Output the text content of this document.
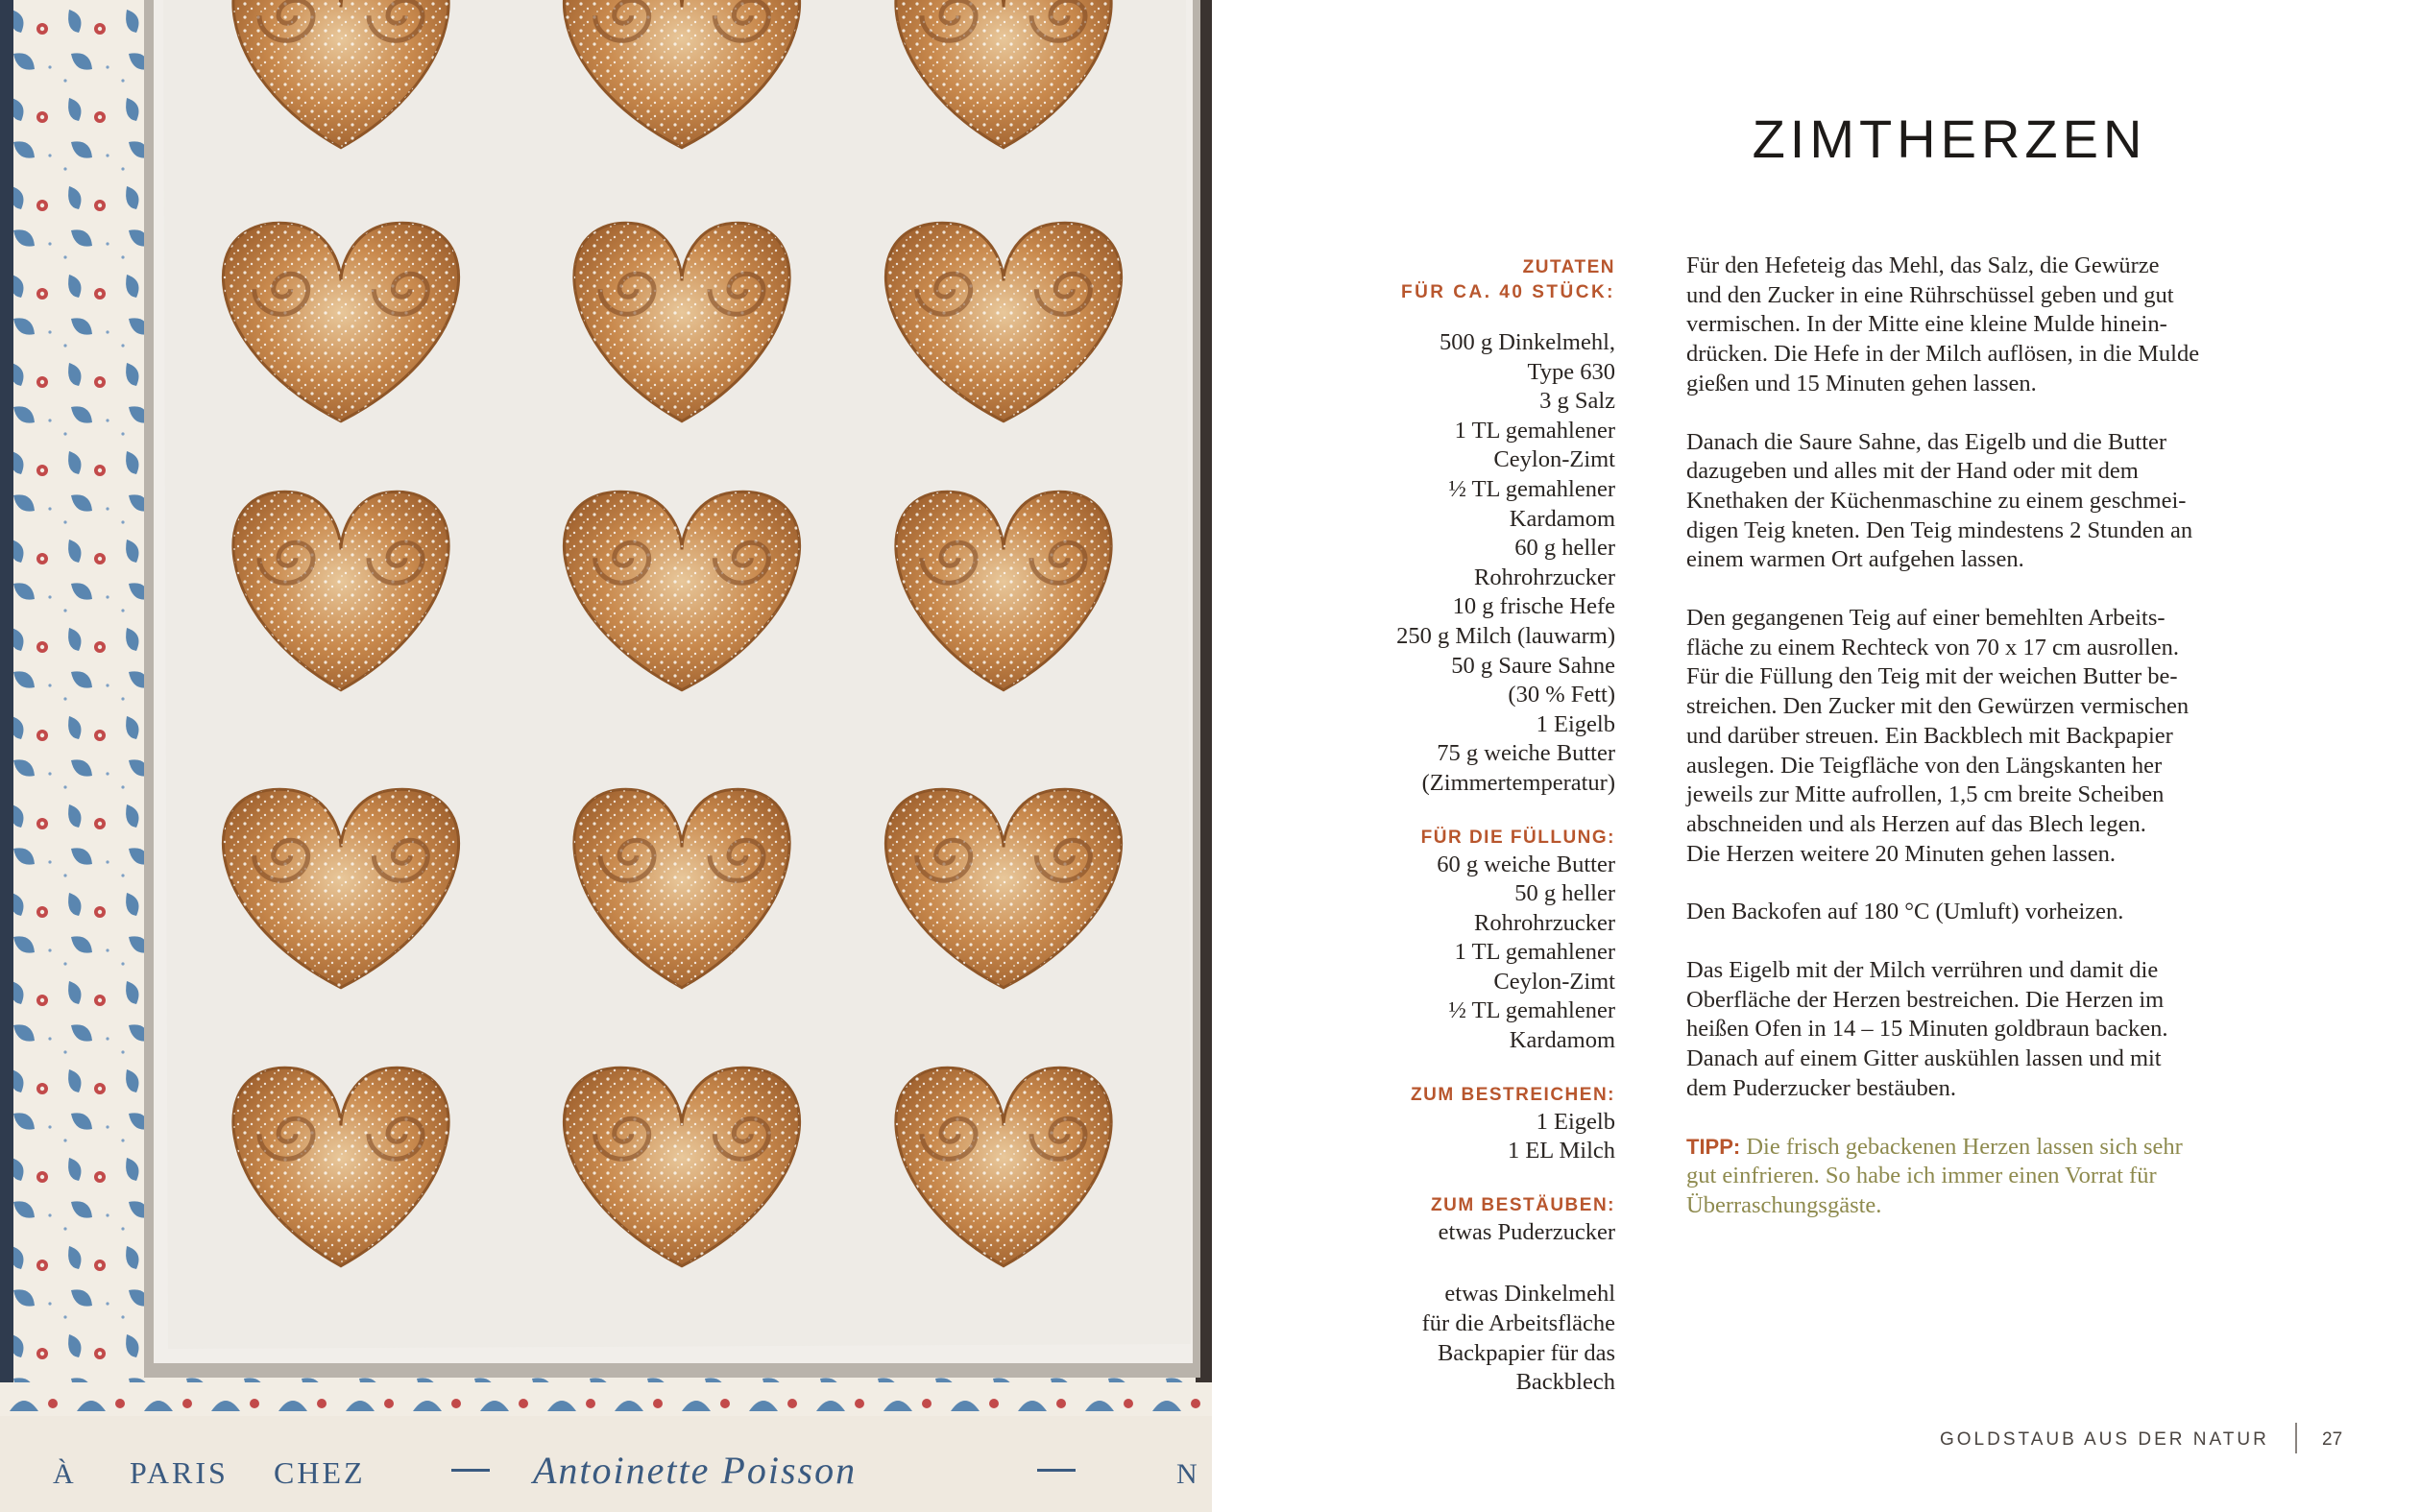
À PARIS CHEZ	Antoinette Poisson	N
ZIMTHERZEN
ZUTATEN
FÜR CA. 40 STÜCK:
500 g Dinkelmehl,
Type 630
3 g Salz
1 TL gemahlener
Ceylon-Zimt
½ TL gemahlener
Kardamom
60 g heller
Rohrohrzucker
10 g frische Hefe
250 g Milch (lauwarm)
50 g Saure Sahne
(30 % Fett)
1 Eigelb
75 g weiche Butter
(Zimmertemperatur)
FÜR DIE FÜLLUNG:
60 g weiche Butter
50 g heller
Rohrohrzucker
1 TL gemahlener
Ceylon-Zimt
½ TL gemahlener
Kardamom
ZUM BESTREICHEN:
1 Eigelb
1 EL Milch
ZUM BESTÄUBEN:
etwas Puderzucker
etwas Dinkelmehl
für die Arbeitsfläche
Backpapier für das
Backblech

Für den Hefeteig das Mehl, das Salz, die Gewürze
und den Zucker in eine Rührschüssel geben und gut
vermischen. In der Mitte eine kleine Mulde hinein-
drücken. Die Hefe in der Milch auflösen, in die Mulde
gießen und 15 Minuten gehen lassen.

Danach die Saure Sahne, das Eigelb und die Butter
dazugeben und alles mit der Hand oder mit dem
Knethaken der Küchenmaschine zu einem geschmei-
digen Teig kneten. Den Teig mindestens 2 Stunden an
einem warmen Ort aufgehen lassen.

Den gegangenen Teig auf einer bemehlten Arbeits-
fläche zu einem Rechteck von 70 x 17 cm ausrollen.
Für die Füllung den Teig mit der weichen Butter be-
streichen. Den Zucker mit den Gewürzen vermischen
und darüber streuen. Ein Backblech mit Backpapier
auslegen. Die Teigfläche von den Längskanten her
jeweils zur Mitte aufrollen, 1,5 cm breite Scheiben
abschneiden und als Herzen auf das Blech legen.
Die Herzen weitere 20 Minuten gehen lassen.

Den Backofen auf 180 °C (Umluft) vorheizen.

Das Eigelb mit der Milch verrühren und damit die
Oberfläche der Herzen bestreichen. Die Herzen im
heißen Ofen in 14 – 15 Minuten goldbraun backen.
Danach auf einem Gitter auskühlen lassen und mit
dem Puderzucker bestäuben.

TIPP: Die frisch gebackenen Herzen lassen sich sehr
gut einfrieren. So habe ich immer einen Vorrat für
Überraschungsgäste.

GOLDSTAUB AUS DER NATUR	27
